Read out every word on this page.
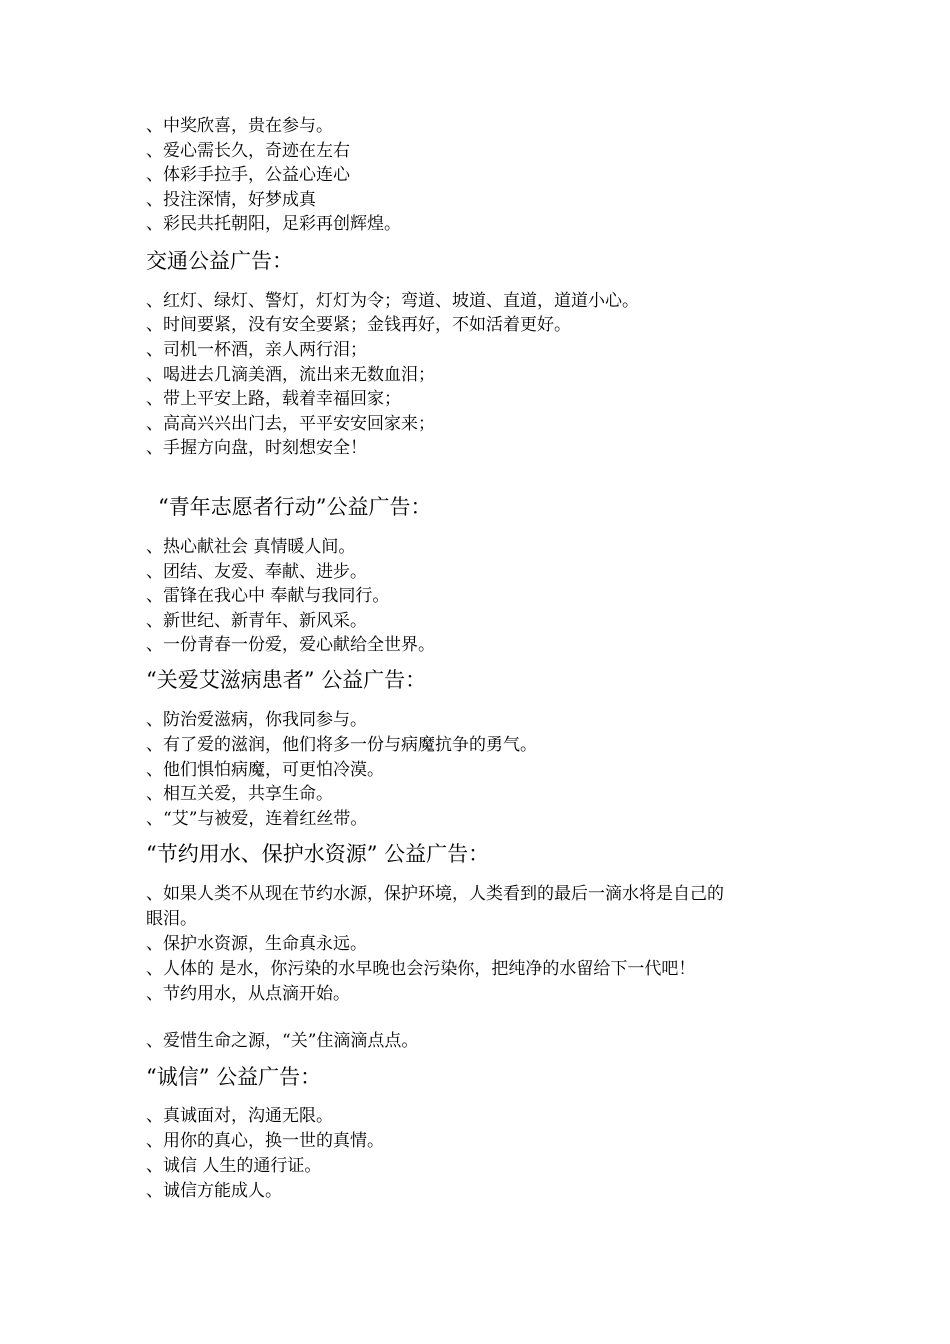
、中奖欣喜，贵在参与。
、爱心需长久，奇迹在左右
、体彩手拉手，公益心连心
、投注深情，好梦成真
、彩民共托朝阳，足彩再创辉煌。
交通公益广告：
、红灯、绿灯、警灯，灯灯为令；弯道、坡道、直道，道道小心。
、时间要紧，没有安全要紧；金钱再好，不如活着更好。
、司机一杯酒，亲人两行泪；
、喝进去几滴美酒，流出来无数血泪；
、带上平安上路，载着幸福回家；
、高高兴兴出门去，平平安安回家来；
、手握方向盘，时刻想安全！
“青年志愿者行动”公益广告：
、热心献社会 真情暖人间。
、团结、友爱、奉献、进步。
、雷锋在我心中 奉献与我同行。
、新世纪、新青年、新风采。
、一份青春一份爱，爱心献给全世界。
“关爱艾滋病患者” 公益广告：
、防治爱滋病，你我同参与。
、有了爱的滋润，他们将多一份与病魔抗争的勇气。
、他们惧怕病魔，可更怕冷漠。
、相互关爱，共享生命。
、“艾”与被爱，连着红丝带。
“节约用水、保护水资源” 公益广告：
、如果人类不从现在节约水源，保护环境，人类看到的最后一滴水将是自己的
眼泪。
、保护水资源，生命真永远。
、人体的 是水，你污染的水早晚也会污染你，把纯净的水留给下一代吧！
、节约用水，从点滴开始。
、爱惜生命之源，“关”住滴滴点点。
“诚信” 公益广告：
、真诚面对，沟通无限。
、用你的真心，换一世的真情。
、诚信 人生的通行证。
、诚信方能成人。
